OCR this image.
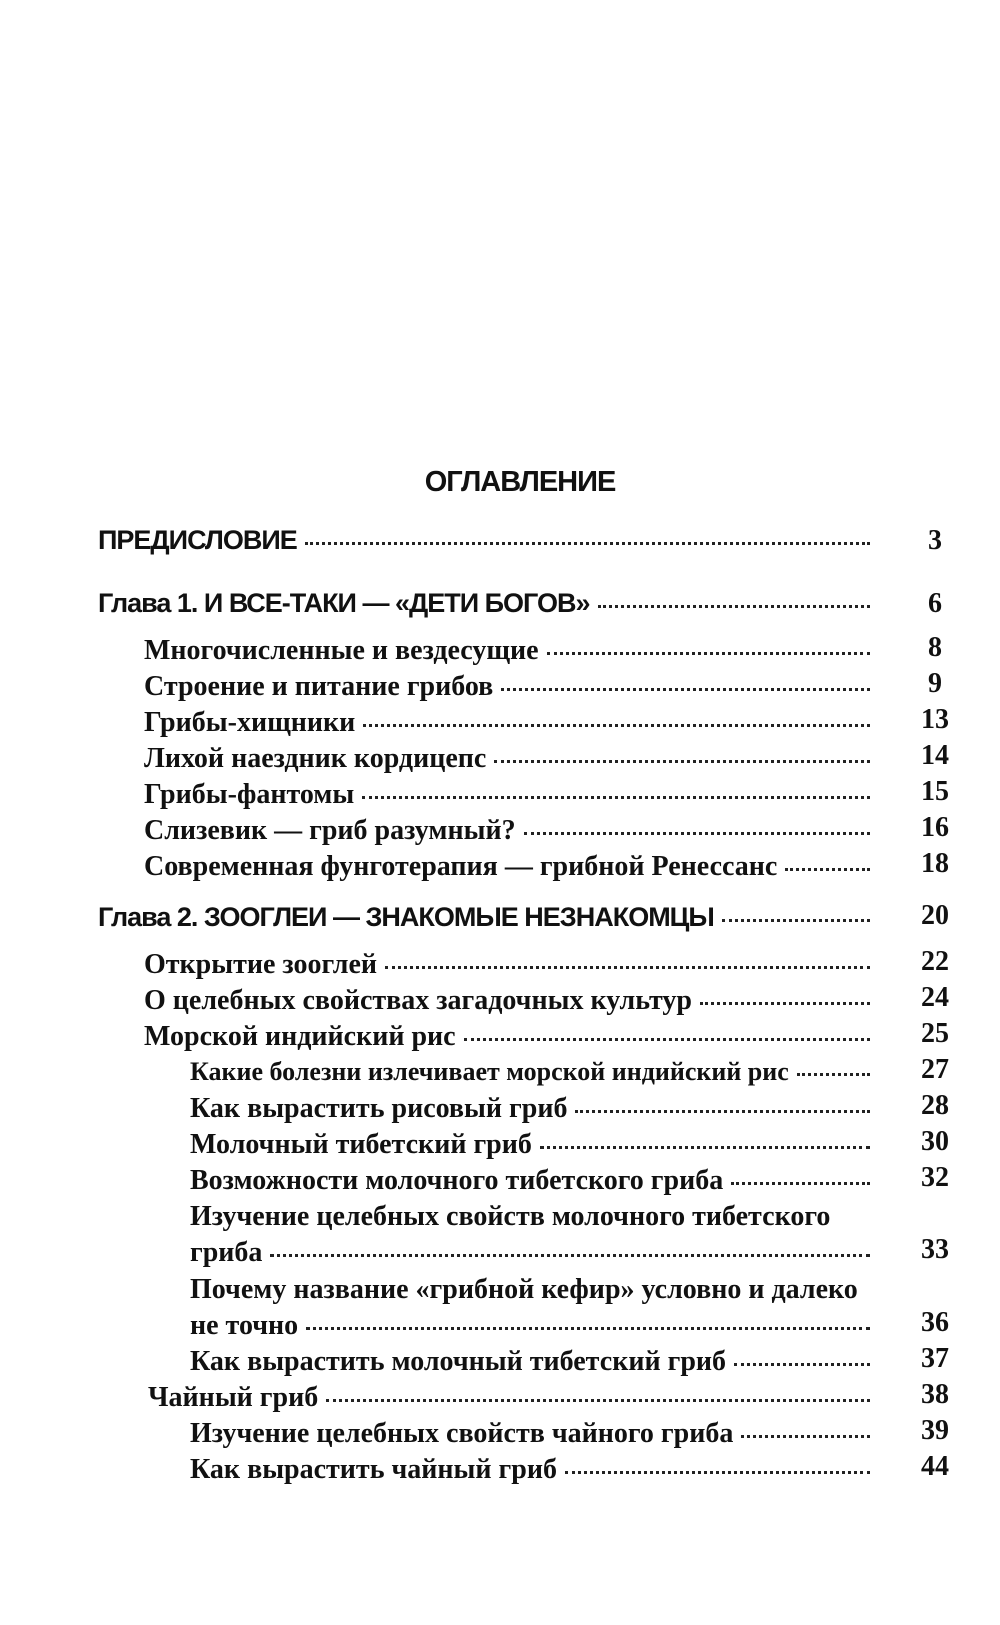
ОГЛАВЛЕНИЕ
ПРЕДИСЛОВИЕ	3
Глава 1. И ВСЕ-ТАКИ — «ДЕТИ БОГОВ»	6
Многочисленные и вездесущие	8
Строение и питание грибов	9
Грибы-хищники	13
Лихой наездник кордицепс	14
Грибы-фантомы	15
Слизевик — гриб разумный?	16
Современная фунготерапия — грибной Ренессанс	18
Глава 2. ЗООГЛЕИ — ЗНАКОМЫЕ НЕЗНАКОМЦЫ	20
Открытие зооглей	22
О целебных свойствах загадочных культур	24
Морской индийский рис	25
Какие болезни излечивает морской индийский рис	27
Как вырастить рисовый гриб	28
Молочный тибетский гриб	30
Возможности молочного тибетского гриба	32
Изучение целебных свойств молочного тибетского
гриба	33
Почему название «грибной кефир» условно и далеко
не точно	36
Как вырастить молочный тибетский гриб	37
Чайный гриб	38
Изучение целебных свойств чайного гриба	39
Как вырастить чайный гриб	44
